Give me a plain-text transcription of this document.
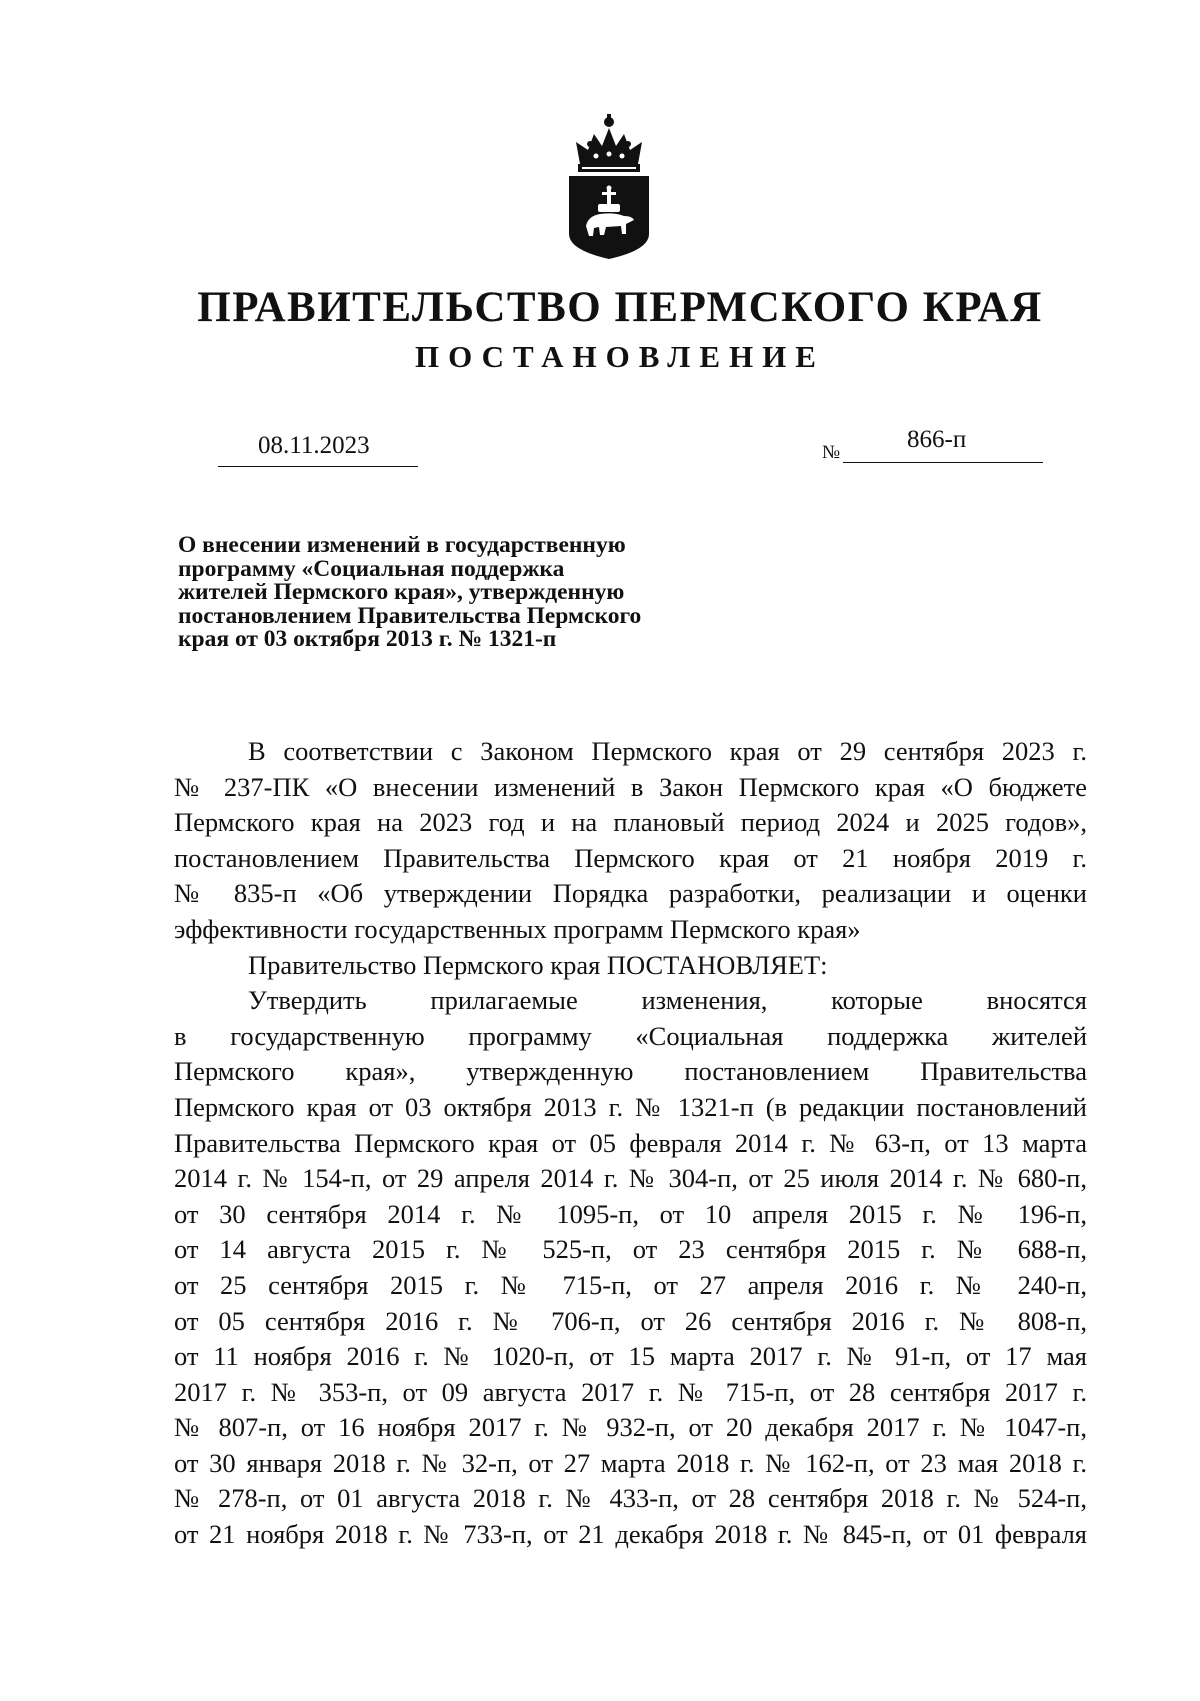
ПРАВИТЕЛЬСТВО ПЕРМСКОГО КРАЯ
ПОСТАНОВЛЕНИЕ
08.11.2023	№	866-п
О внесении изменений в государственную
программу «Социальная поддержка
жителей Пермского края», утвержденную
постановлением Правительства Пермского
края от 03 октября 2013 г. № 1321-п
В соответствии с Законом Пермского края от 29 сентября 2023 г.
№ 237-ПК «О внесении изменений в Закон Пермского края «О бюджете
Пермского края на 2023 год и на плановый период 2024 и 2025 годов»,
постановлением Правительства Пермского края от 21 ноября 2019 г.
№ 835-п «Об утверждении Порядка разработки, реализации и оценки
эффективности государственных программ Пермского края»
Правительство Пермского края ПОСТАНОВЛЯЕТ:
Утвердить прилагаемые изменения, которые вносятся
в государственную программу «Социальная поддержка жителей
Пермского края», утвержденную постановлением Правительства
Пермского края от 03 октября 2013 г. № 1321-п (в редакции постановлений
Правительства Пермского края от 05 февраля 2014 г. № 63-п, от 13 марта
2014 г. № 154-п, от 29 апреля 2014 г. № 304-п, от 25 июля 2014 г. № 680-п,
от 30 сентября 2014 г. № 1095-п, от 10 апреля 2015 г. № 196-п,
от 14 августа 2015 г. № 525-п, от 23 сентября 2015 г. № 688-п,
от 25 сентября 2015 г. № 715-п, от 27 апреля 2016 г. № 240-п,
от 05 сентября 2016 г. № 706-п, от 26 сентября 2016 г. № 808-п,
от 11 ноября 2016 г. № 1020-п, от 15 марта 2017 г. № 91-п, от 17 мая
2017 г. № 353-п, от 09 августа 2017 г. № 715-п, от 28 сентября 2017 г.
№ 807-п, от 16 ноября 2017 г. № 932-п, от 20 декабря 2017 г. № 1047-п,
от 30 января 2018 г. № 32-п, от 27 марта 2018 г. № 162-п, от 23 мая 2018 г.
№ 278-п, от 01 августа 2018 г. № 433-п, от 28 сентября 2018 г. № 524-п,
от 21 ноября 2018 г. № 733-п, от 21 декабря 2018 г. № 845-п, от 01 февраля
